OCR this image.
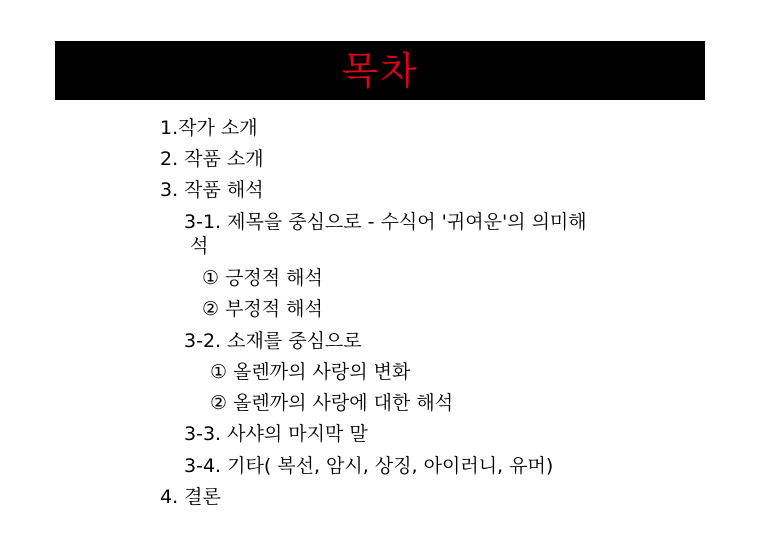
목차
1.작가 소개
2. 작품 소개
3. 작품 해석
3-1. 제목을 중심으로 - 수식어 '귀여운'의 의미해
석
① 긍정적 해석
② 부정적 해석
3-2. 소재를 중심으로
① 올렌까의 사랑의 변화
② 올렌까의 사랑에 대한 해석
3-3. 사샤의 마지막 말
3-4. 기타( 복선, 암시, 상징, 아이러니, 유머)
4. 결론
